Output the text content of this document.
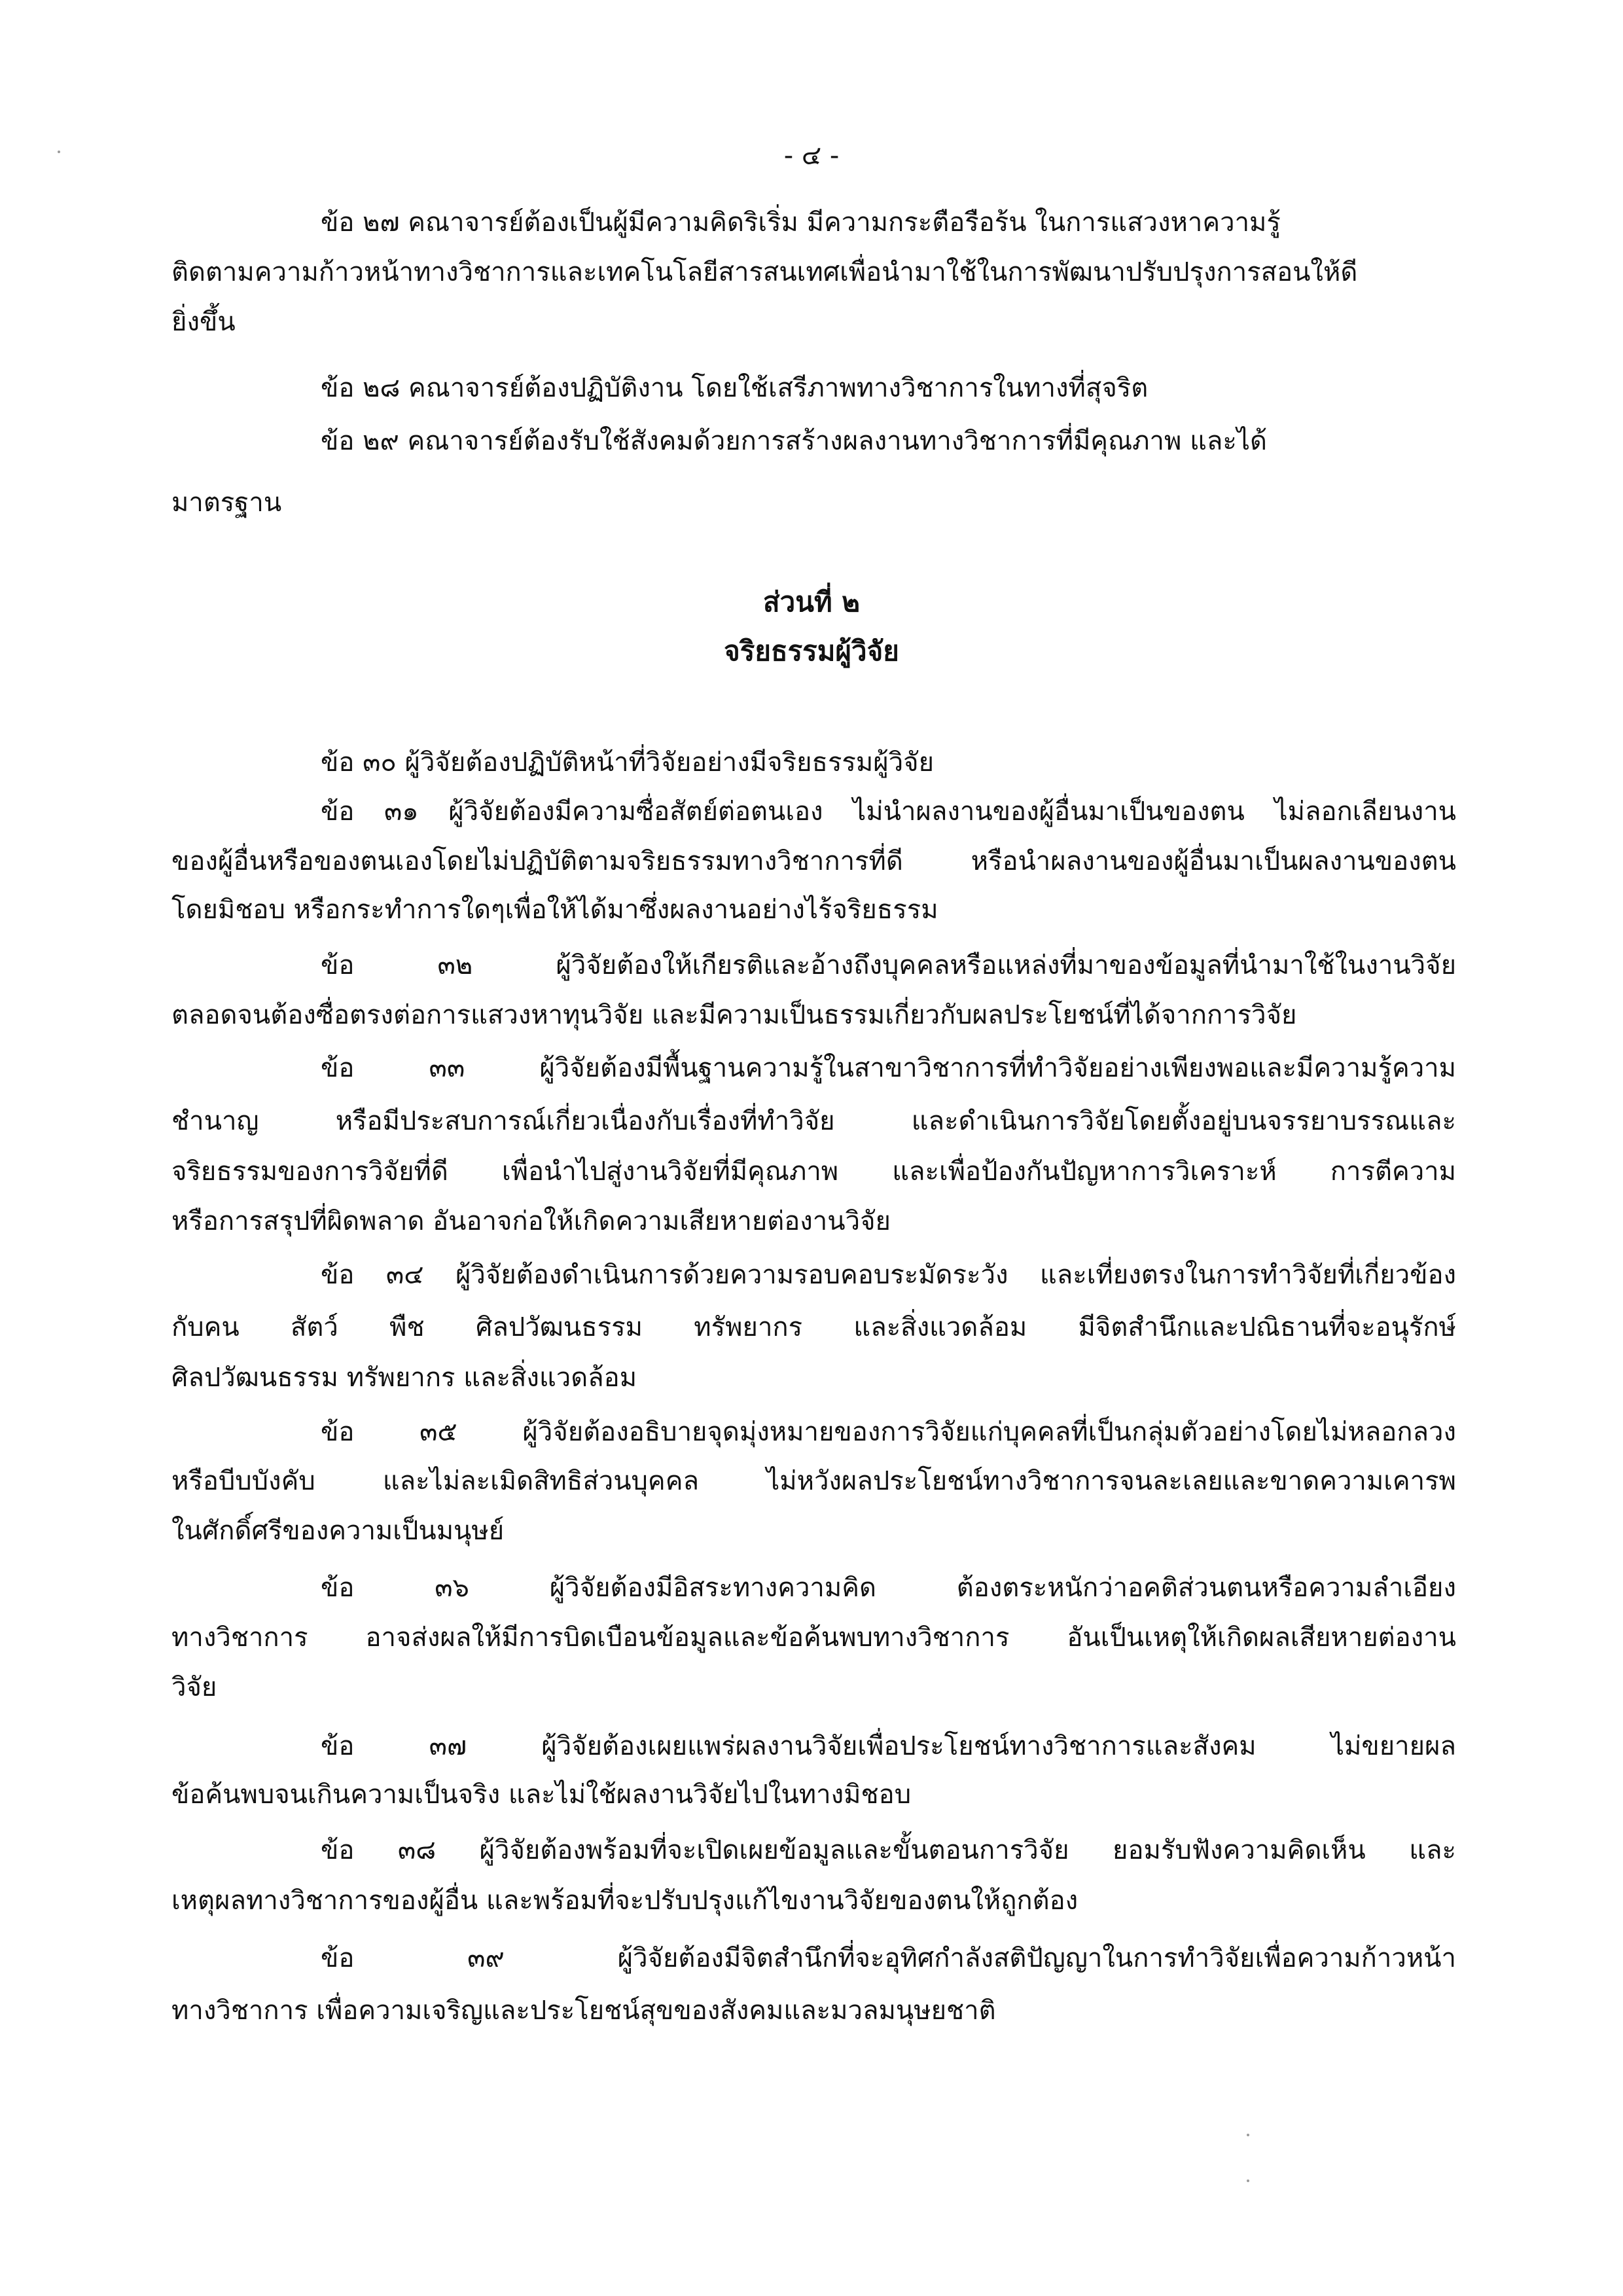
- ๔ -

ข้อ ๒๗ คณาจารย์ต้องเป็นผู้มีความคิดริเริ่ม มีความกระตือรือร้น ในการแสวงหาความรู้

ติดตามความก้าวหน้าทางวิชาการและเทคโนโลยีสารสนเทศเพื่อนำมาใช้ในการพัฒนาปรับปรุงการสอนให้ดี

ยิ่งขึ้น

ข้อ ๒๘ คณาจารย์ต้องปฏิบัติงาน โดยใช้เสรีภาพทางวิชาการในทางที่สุจริต

ข้อ ๒๙ คณาจารย์ต้องรับใช้สังคมด้วยการสร้างผลงานทางวิชาการที่มีคุณภาพ และได้

มาตรฐาน

ส่วนที่ ๒
จริยธรรมผู้วิจัย

ข้อ ๓๐ ผู้วิจัยต้องปฏิบัติหน้าที่วิจัยอย่างมีจริยธรรมผู้วิจัย

ข้อ ๓๑ ผู้วิจัยต้องมีความซื่อสัตย์ต่อตนเอง ไม่นำผลงานของผู้อื่นมาเป็นของตน ไม่ลอกเลียนงาน

ของผู้อื่นหรือของตนเองโดยไม่ปฏิบัติตามจริยธรรมทางวิชาการที่ดี หรือนำผลงานของผู้อื่นมาเป็นผลงานของตน

โดยมิชอบ หรือกระทำการใดๆเพื่อให้ได้มาซึ่งผลงานอย่างไร้จริยธรรม

ข้อ ๓๒ ผู้วิจัยต้องให้เกียรติและอ้างถึงบุคคลหรือแหล่งที่มาของข้อมูลที่นำมาใช้ในงานวิจัย

ตลอดจนต้องซื่อตรงต่อการแสวงหาทุนวิจัย และมีความเป็นธรรมเกี่ยวกับผลประโยชน์ที่ได้จากการวิจัย

ข้อ ๓๓ ผู้วิจัยต้องมีพื้นฐานความรู้ในสาขาวิชาการที่ทำวิจัยอย่างเพียงพอและมีความรู้ความ

ชำนาญ หรือมีประสบการณ์เกี่ยวเนื่องกับเรื่องที่ทำวิจัย และดำเนินการวิจัยโดยตั้งอยู่บนจรรยาบรรณและ

จริยธรรมของการวิจัยที่ดี เพื่อนำไปสู่งานวิจัยที่มีคุณภาพ และเพื่อป้องกันปัญหาการวิเคราะห์ การตีความ

หรือการสรุปที่ผิดพลาด อันอาจก่อให้เกิดความเสียหายต่องานวิจัย

ข้อ ๓๔ ผู้วิจัยต้องดำเนินการด้วยความรอบคอบระมัดระวัง และเที่ยงตรงในการทำวิจัยที่เกี่ยวข้อง

กับคน สัตว์ พืช ศิลปวัฒนธรรม ทรัพยากร และสิ่งแวดล้อม มีจิตสำนึกและปณิธานที่จะอนุรักษ์

ศิลปวัฒนธรรม ทรัพยากร และสิ่งแวดล้อม

ข้อ ๓๕ ผู้วิจัยต้องอธิบายจุดมุ่งหมายของการวิจัยแก่บุคคลที่เป็นกลุ่มตัวอย่างโดยไม่หลอกลวง

หรือบีบบังคับ และไม่ละเมิดสิทธิส่วนบุคคล ไม่หวังผลประโยชน์ทางวิชาการจนละเลยและขาดความเคารพ

ในศักดิ์ศรีของความเป็นมนุษย์

ข้อ ๓๖ ผู้วิจัยต้องมีอิสระทางความคิด ต้องตระหนักว่าอคติส่วนตนหรือความลำเอียง

ทางวิชาการ อาจส่งผลให้มีการบิดเบือนข้อมูลและข้อค้นพบทางวิชาการ อันเป็นเหตุให้เกิดผลเสียหายต่องาน

วิจัย

ข้อ ๓๗ ผู้วิจัยต้องเผยแพร่ผลงานวิจัยเพื่อประโยชน์ทางวิชาการและสังคม ไม่ขยายผล

ข้อค้นพบจนเกินความเป็นจริง และไม่ใช้ผลงานวิจัยไปในทางมิชอบ

ข้อ ๓๘ ผู้วิจัยต้องพร้อมที่จะเปิดเผยข้อมูลและขั้นตอนการวิจัย ยอมรับฟังความคิดเห็น และ

เหตุผลทางวิชาการของผู้อื่น และพร้อมที่จะปรับปรุงแก้ไขงานวิจัยของตนให้ถูกต้อง

ข้อ ๓๙ ผู้วิจัยต้องมีจิตสำนึกที่จะอุทิศกำลังสติปัญญาในการทำวิจัยเพื่อความก้าวหน้า

ทางวิชาการ เพื่อความเจริญและประโยชน์สุขของสังคมและมวลมนุษยชาติ
